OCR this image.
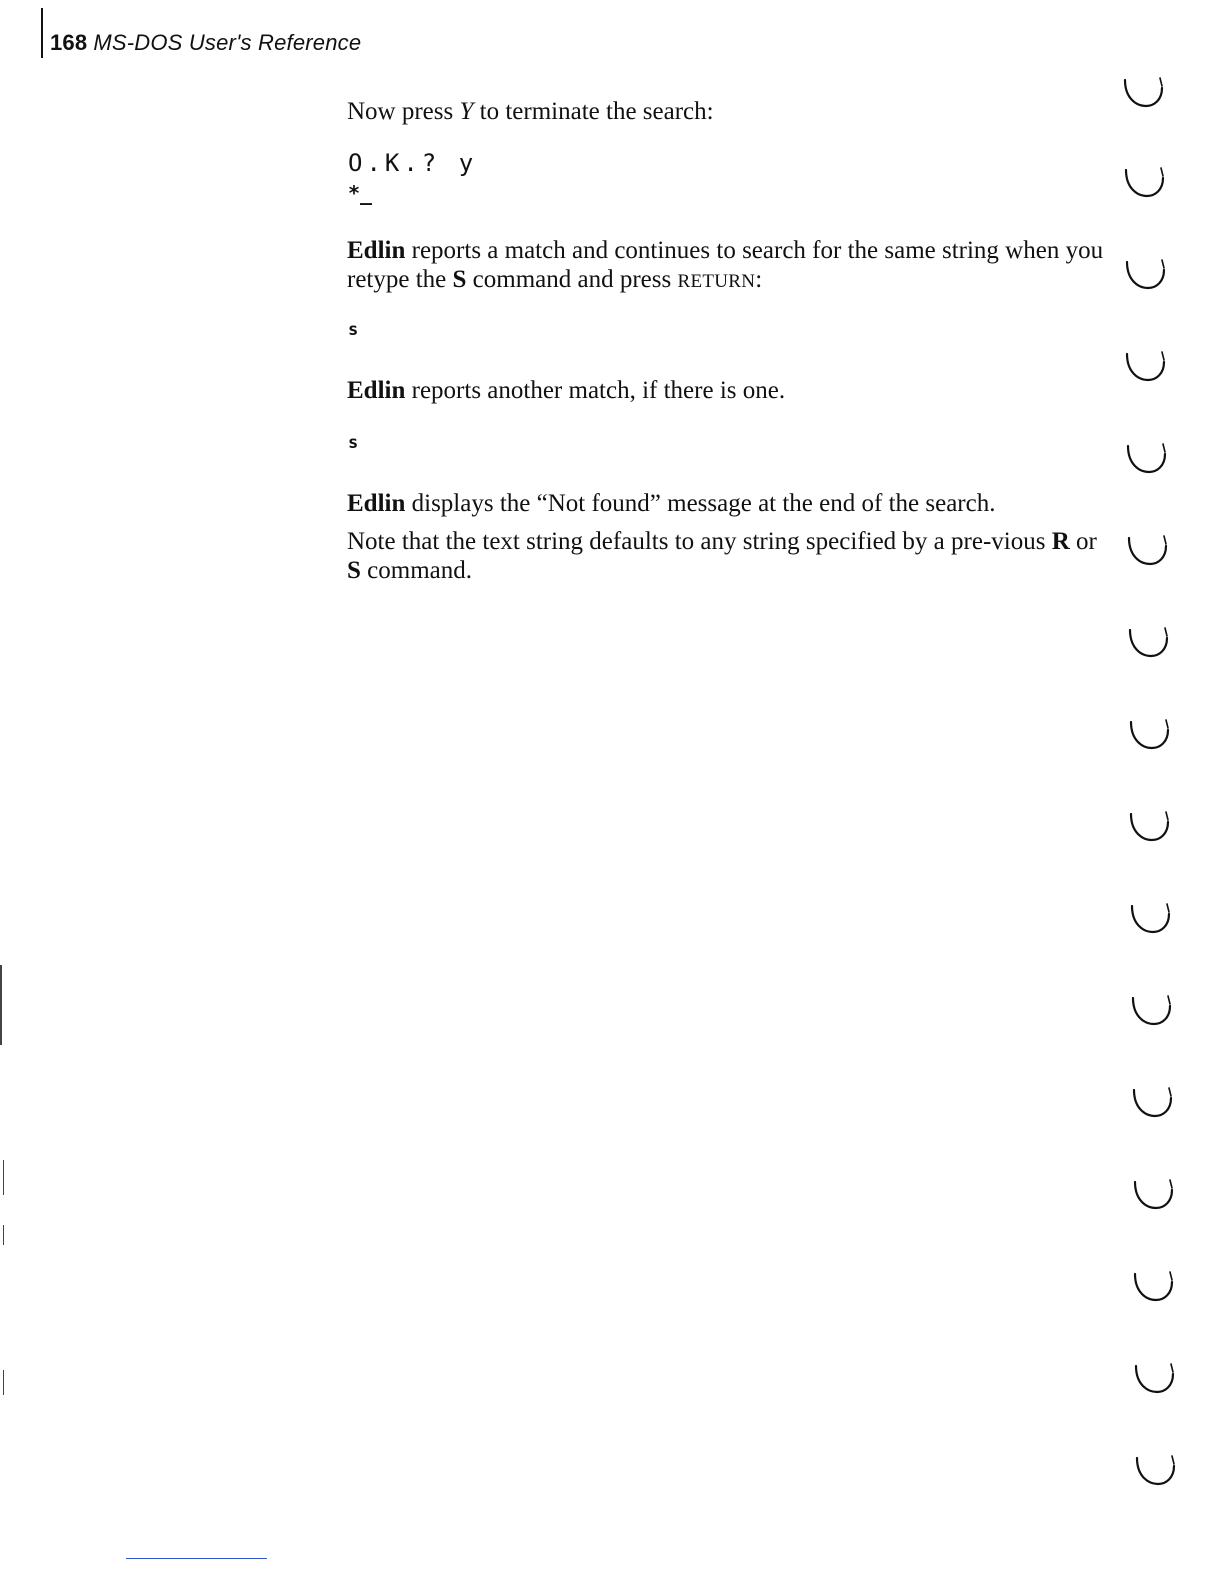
168 MS-DOS User's Reference

Now press Y to terminate the search:

O.K.? y
*_

Edlin reports a match and continues to search for the same string when you retype the S command and press RETURN:

s

Edlin reports another match, if there is one.

s

Edlin displays the “Not found” message at the end of the search.

Note that the text string defaults to any string specified by a pre-vious R or S command.
